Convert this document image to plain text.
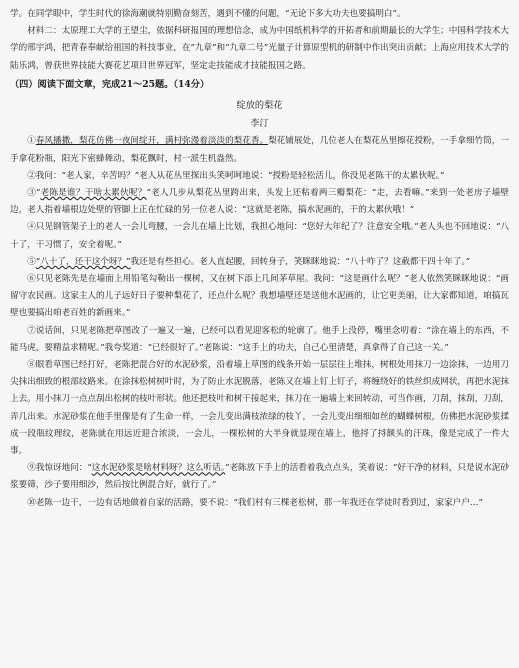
学。在同学眼中，学生时代的徐海潮就特别勤奋刻苦，遇到不懂的问题，“无论下多大功夫也要搞明白”。

材料二：太原理工大学的王望尘，依据科研报国的理想信念，成为中国纸机科学的开拓者和前期最长的大学生；中国科学技术大学的邢宇鸿，把青春奉献给祖国的科技事业，在“九章”和“九章二号”光量子计算原型机的研制中作出突出贡献；上海应用技术大学的陆乐鸿，曾获世界技能大赛花艺项目世界冠军，坚定走技能成才技能报国之路。

（四）阅读下面文章，完成21～25题。（14分）

绽放的梨花

李汀

①春风播撒，梨花仿佛一夜间绽开，满村弥漫着淡淡的梨花香。梨花铺展处，几位老人在梨花丛里擦花授粉，一手拿细竹筒，一手拿花粉瓶，阳光下密蜂舞动，梨花飘时，村一派生机盎然。

②我问：“老人家，辛苦吗？”老人从花丛里探出头笑呵呵地说：“授粉是轻松活儿，你没见老陈干的太累伙呢。”

③“老陈是谁？干啥太累伙呢？”老人几步从梨花丛里跨出来，头发上还粘着两三瓣梨花：“走，去看嘛。”来到一处老房子墙壁边，老人指着墙根边处壁的管脚上正在忙碌的另一位老人说：“这就是老陈，搞水泥画的，干的太累伙哦！”

④只见钢管架子上的老人一会儿弯腰，一会儿在墙上比划，我担心地问：“您好大年纪了？注意安全哦。”老人头也不回地说：“八十了，干习惯了，安全着呢。”

⑤“八十了，还干这个呀？”我还是有些担心。老人直起腰，回转身子，笑眯眯地说：“八十咋了？这截都干四十年了。”

⑥只见老陈先是在墙面上用铅笔勾勒出一棵树，又在树下添上几间茅草屋。我问：“这是画什么呢？”老人依然笑眯眯地说：“画留守农民画。这家主人的儿子远好日子要种梨花了，还点什么呢？我想墙壁还是送他水泥画的，让它更美丽，让大家都知道，咱搞瓦壁也要搞出咱老百姓的新画来。”

⑦说话间，只见老陈把草图改了一遍又一遍，已经可以看见迎客松的轮廓了。他手上没停，嘴里念叨着：“涂在墙上的东西，不能马虎，要精益求精呢。”我夸奖道：“已经很好了。”老陈说：“这手上的功夫，自己心里清楚，真拿得了自己这一关。”

⑧眼看草图已经打好，老陈把混合好的水泥砂浆，沿着墙上草图的线条开始一层层往上堆抹，树根处用抹刀一边涂抹，一边用刀尖抹出细致的根部纹路来。在涂抹松树树叶时，为了防止水泥脱落，老陈又在墙上钉上钉子，将缠绕好的铁丝织成网状，再把水泥抹上去。用小抹刀一点点刮出松树的枝叶形状。他还把枝叶和树干接起来，抹刀在一遍墙上来回转动，可当作画，刀刮，抹刮，刀刮，弄几出来。水泥砂浆在他手里像是有了生命一样，一会儿变出满枝浓绿的枝丫，一会儿变出细细如丝的蝴蝶树根，仿佛把水泥砂浆揉成一段瓶纹理纹，老陈就在用远近迎合浓淡，一会儿，一棵松树的大半身就显现在墙上，他捋了捋额头的汗珠，像是完成了一件大事。

⑨我惊讶地问：“这水泥砂浆是啥材料呀？这么听话。”老陈放下手上的活看着我点点头，笑着说：“好干净的材料，只是说水泥砂浆要筛，沙子要用细沙，然后按比例混合好，就行了。”

⑩老陈一边干，一边有话地做着自家的活路，要不说：“我们村有三棵老松树，那一年我还在学徒时看到过，家家户户…”
